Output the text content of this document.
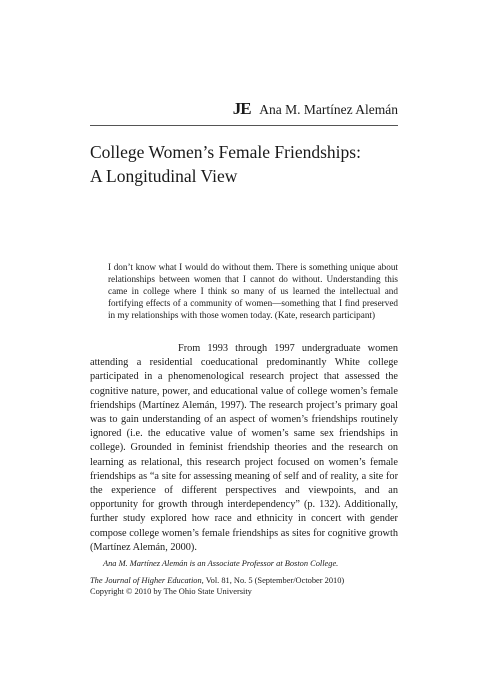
JE Ana M. Martínez Alemán
College Women’s Female Friendships:
A Longitudinal View

I don’t know what I would do without them. There is something unique about relationships between women that I cannot do without. Understanding this came in college where I think so many of us learned the intellectual and fortifying effects of a community of women—something that I find preserved in my relationships with those women today. (Kate, research participant)

From 1993 through 1997 undergraduate women attending a residential coeducational predominantly White college participated in a phenomenological research project that assessed the cognitive nature, power, and educational value of college women’s female friendships (Martínez Alemán, 1997). The research project’s primary goal was to gain understanding of an aspect of women’s friendships routinely ignored (i.e. the educative value of women’s same sex friendships in college). Grounded in feminist friendship theories and the research on learning as relational, this research project focused on women’s female friendships as “a site for assessing meaning of self and of reality, a site for the experience of different perspectives and viewpoints, and an opportunity for growth through interdependency” (p. 132). Additionally, further study explored how race and ethnicity in concert with gender compose college women’s female friendships as sites for cognitive growth (Martínez Alemán, 2000).

Ana M. Martínez Alemán is an Associate Professor at Boston College.

The Journal of Higher Education, Vol. 81, No. 5 (September/October 2010)
Copyright © 2010 by The Ohio State University
